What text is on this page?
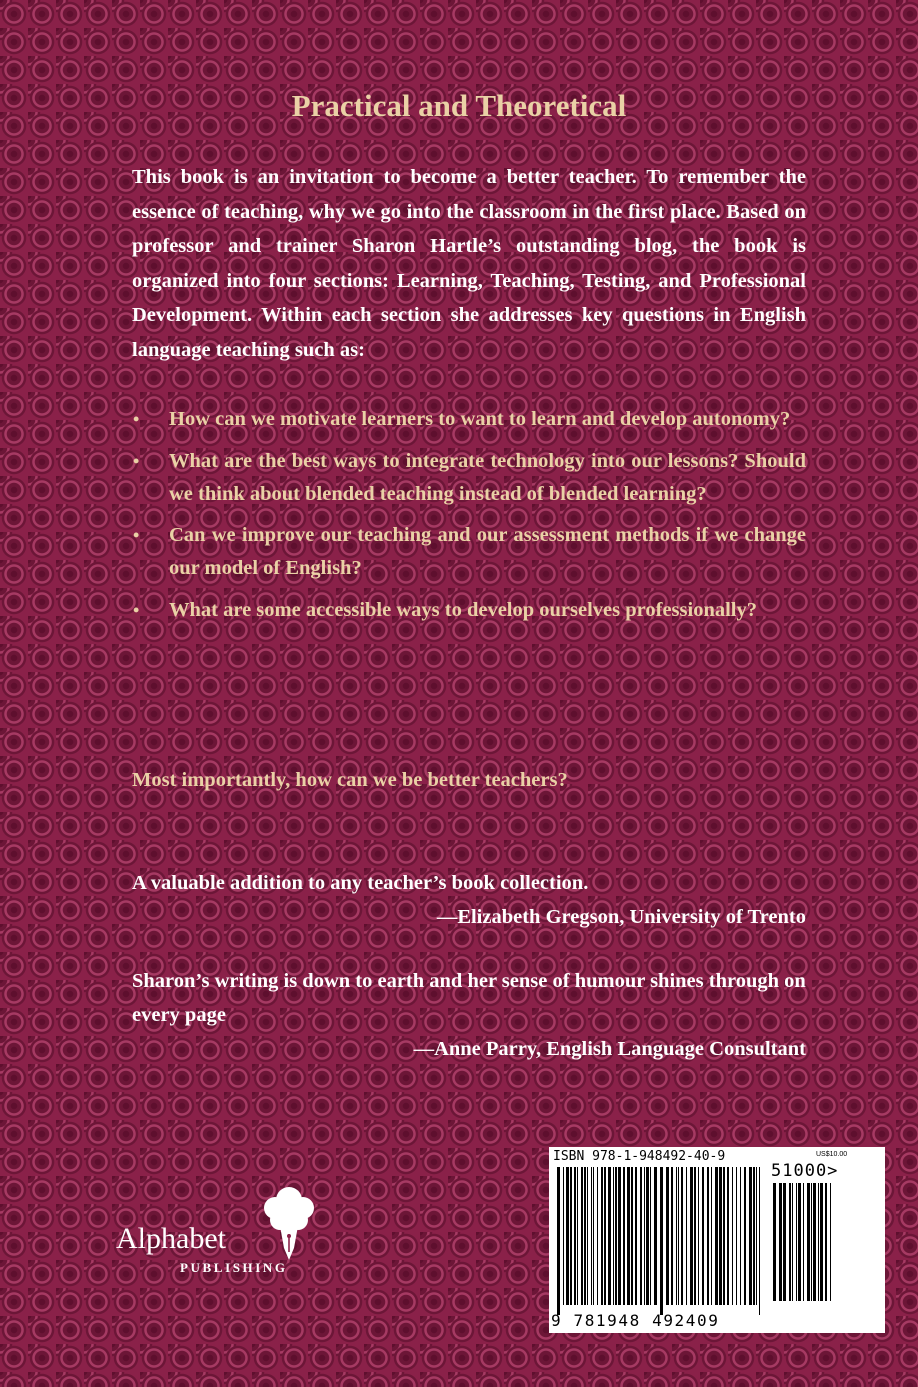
Practical and Theoretical

This book is an invitation to become a better teacher. To remember the essence of teaching, why we go into the classroom in the first place. Based on professor and trainer Sharon Hartle’s outstanding blog, the book is organized into four sections: Learning, Teaching, Testing, and Professional Development. Within each section she addresses key questions in English language teaching such as:

• How can we motivate learners to want to learn and develop autonomy?
• What are the best ways to integrate technology into our lessons? Should we think about blended teaching instead of blended learning?
• Can we improve our teaching and our assessment methods if we change our model of English?
• What are some accessible ways to develop ourselves professionally?

Most importantly, how can we be better teachers?

A valuable addition to any teacher’s book collection.
—Elizabeth Gregson, University of Trento

Sharon’s writing is down to earth and her sense of humour shines through on every page
—Anne Parry, English Language Consultant

Alphabet
PUBLISHING
ISBN 978-1-948492-40-9	US$10.00
51000>
9 781948 492409
